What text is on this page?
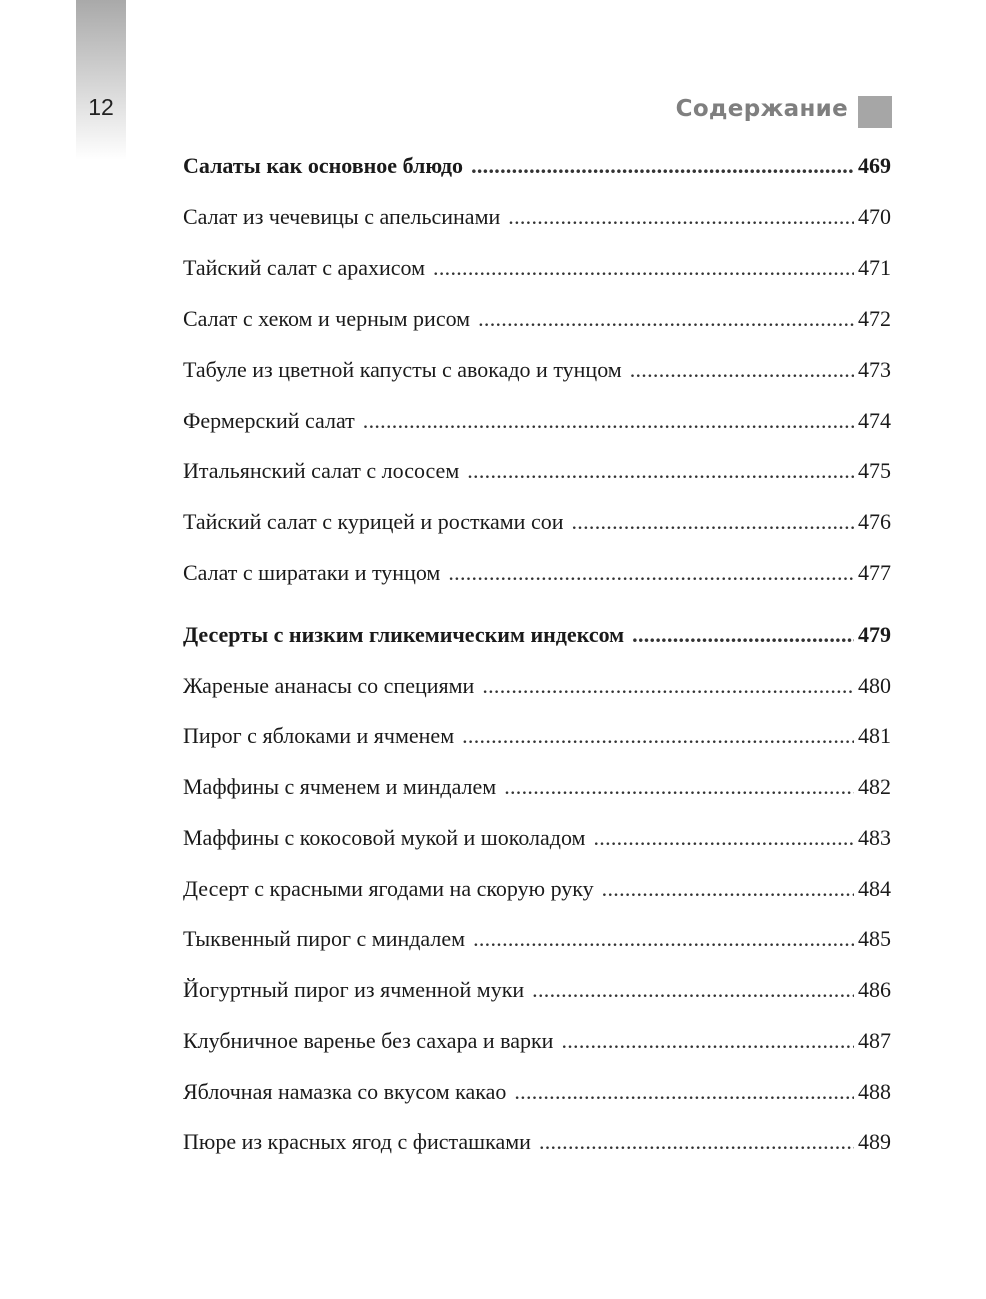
12	Содержание
Салаты как основное блюдо . . .	469
Салат из чечевицы с апельсинами . . .	470
Тайский салат с арахисом . . .	471
Салат с хеком и черным рисом . . .	472
Табуле из цветной капусты с авокадо и тунцом . . .	473
Фермерский салат . . .	474
Итальянский салат с лососем . . .	475
Тайский салат с курицей и ростками сои . . .	476
Салат с ширатаки и тунцом . . .	477
Десерты с низким гликемическим индексом . . .	479
Жареные ананасы со специями . . .	480
Пирог с яблоками и ячменем . . .	481
Маффины с ячменем и миндалем . . .	482
Маффины с кокосовой мукой и шоколадом . . .	483
Десерт с красными ягодами на скорую руку . . .	484
Тыквенный пирог с миндалем . . .	485
Йогуртный пирог из ячменной муки . . .	486
Клубничное варенье без сахара и варки . . .	487
Яблочная намазка со вкусом какао . . .	488
Пюре из красных ягод с фисташками . . .	489
